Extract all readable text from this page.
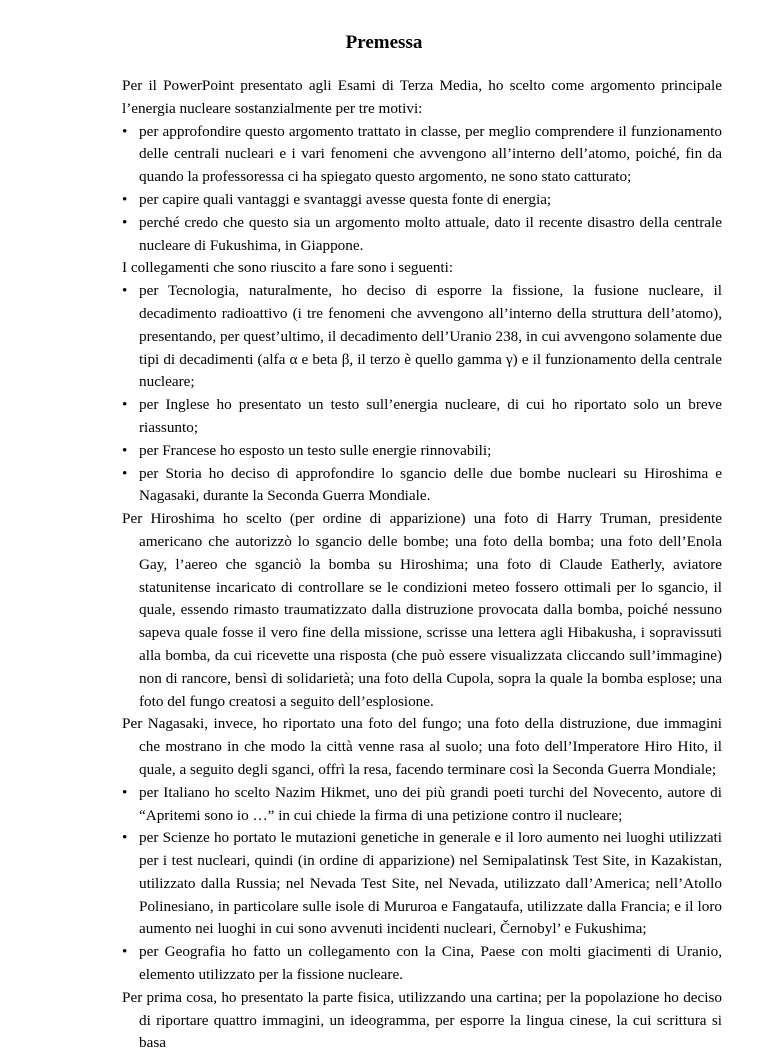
Premessa
Per il PowerPoint presentato agli Esami di Terza Media, ho scelto come argomento principale l’energia nucleare sostanzialmente per tre motivi:
• per approfondire questo argomento trattato in classe, per meglio comprendere il funzionamento delle centrali nucleari e i vari fenomeni che avvengono all’interno dell’atomo, poiché, fin da quando la professoressa ci ha spiegato questo argomento, ne sono stato catturato;
• per capire quali vantaggi e svantaggi avesse questa fonte di energia;
• perché credo che questo sia un argomento molto attuale, dato il recente disastro della centrale nucleare di Fukushima, in Giappone.
I collegamenti che sono riuscito a fare sono i seguenti:
• per Tecnologia, naturalmente, ho deciso di esporre la fissione, la fusione nucleare, il decadimento radioattivo (i tre fenomeni che avvengono all’interno della struttura dell’atomo), presentando, per quest’ultimo, il decadimento dell’Uranio 238, in cui avvengono solamente due tipi di decadimenti (alfa α e beta β, il terzo è quello gamma γ) e il funzionamento della centrale nucleare;
• per Inglese ho presentato un testo sull’energia nucleare, di cui ho riportato solo un breve riassunto;
• per Francese ho esposto un testo sulle energie rinnovabili;
• per Storia ho deciso di approfondire lo sgancio delle due bombe nucleari su Hiroshima e Nagasaki, durante la Seconda Guerra Mondiale.
Per Hiroshima ho scelto (per ordine di apparizione) una foto di Harry Truman, presidente americano che autorizzò lo sgancio delle bombe; una foto della bomba; una foto dell’Enola Gay, l’aereo che sganciò la bomba su Hiroshima; una foto di Claude Eatherly, aviatore statunitense incaricato di controllare se le condizioni meteo fossero ottimali per lo sgancio, il quale, essendo rimasto traumatizzato dalla distruzione provocata dalla bomba, poiché nessuno sapeva quale fosse il vero fine della missione, scrisse una lettera agli Hibakusha, i sopravissuti alla bomba, da cui ricevette una risposta (che può essere visualizzata cliccando sull’immagine) non di rancore, bensì di solidarietà; una foto della Cupola, sopra la quale la bomba esplose; una foto del fungo creatosi a seguito dell’esplosione.
Per Nagasaki, invece, ho riportato una foto del fungo; una foto della distruzione, due immagini che mostrano in che modo la città venne rasa al suolo; una foto dell’Imperatore Hiro Hito, il quale, a seguito degli sganci, offrì la resa, facendo terminare così la Seconda Guerra Mondiale;
• per Italiano ho scelto Nazim Hikmet, uno dei più grandi poeti turchi del Novecento, autore di “Apritemi sono io …” in cui chiede la firma di una petizione contro il nucleare;
• per Scienze ho portato le mutazioni genetiche in generale e il loro aumento nei luoghi utilizzati per i test nucleari, quindi (in ordine di apparizione) nel Semipalatinsk Test Site, in Kazakistan, utilizzato dalla Russia; nel Nevada Test Site, nel Nevada, utilizzato dall’America; nell’Atollo Polinesiano, in particolare sulle isole di Mururoa e Fangataufa, utilizzate dalla Francia; e il loro aumento nei luoghi in cui sono avvenuti incidenti nucleari, Černobyl’ e Fukushima;
• per Geografia ho fatto un collegamento con la Cina, Paese con molti giacimenti di Uranio, elemento utilizzato per la fissione nucleare.
Per prima cosa, ho presentato la parte fisica, utilizzando una cartina; per la popolazione ho deciso di riportare quattro immagini, un ideogramma, per esporre la lingua cinese, la cui scrittura si basa
